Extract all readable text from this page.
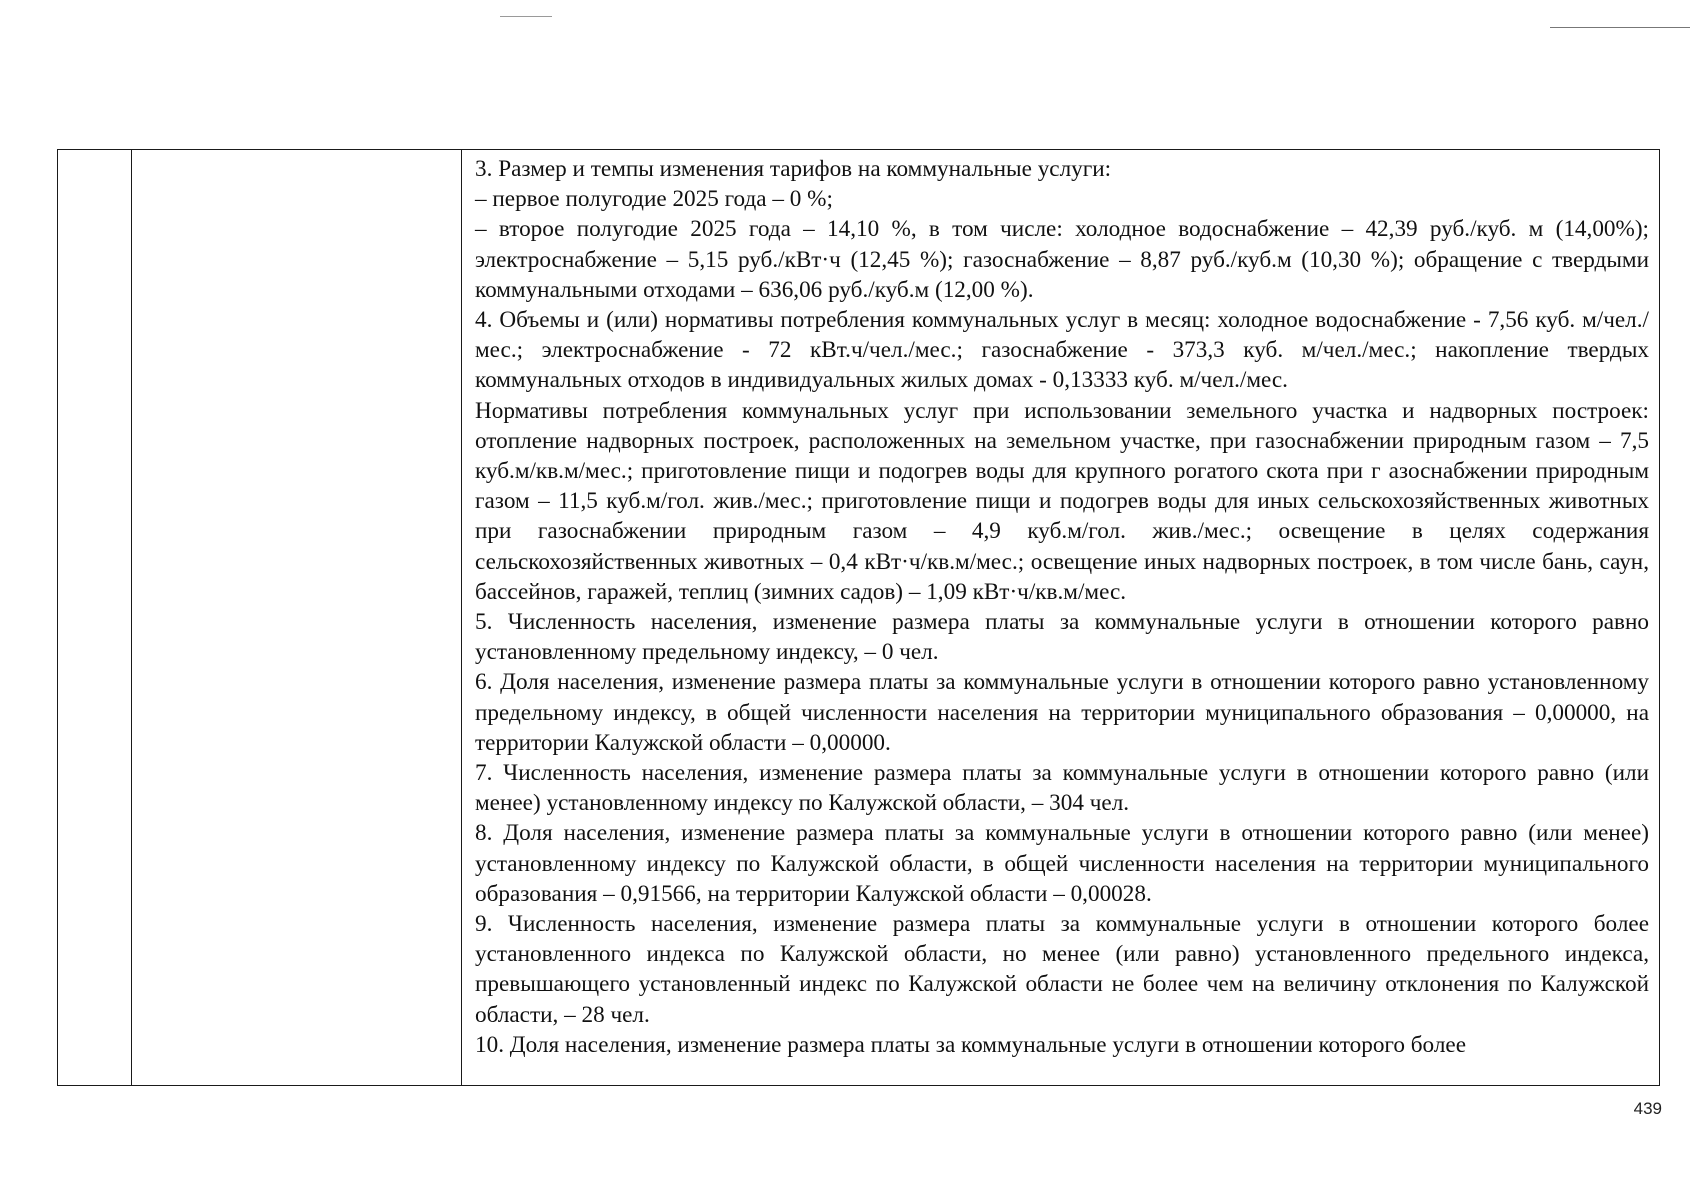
3. Размер и темпы изменения тарифов на коммунальные услуги:

– первое полугодие 2025 года – 0 %;

– второе полугодие 2025 года – 14,10 %, в том числе: холодное водоснабжение – 42,39 руб./куб. м (14,00%); электроснабжение – 5,15 руб./кВт·ч (12,45 %); газоснабжение – 8,87 руб./куб.м (10,30 %); обращение с твердыми коммунальными отходами – 636,06 руб./куб.м (12,00 %).

4. Объемы и (или) нормативы потребления коммунальных услуг в месяц: холодное водоснабжение - 7,56 куб. м/чел./мес.; электроснабжение - 72 кВт.ч/чел./мес.; газоснабжение - 373,3 куб. м/чел./мес.; накопление твердых коммунальных отходов в индивидуальных жилых домах - 0,13333 куб. м/чел./мес.

Нормативы потребления коммунальных услуг при использовании земельного участка и надворных построек: отопление надворных построек, расположенных на земельном участке, при газоснабжении природным газом – 7,5 куб.м/кв.м/мес.; приготовление пищи и подогрев воды для крупного рогатого скота при г азоснабжении природным газом – 11,5 куб.м/гол. жив./мес.; приготовление пищи и подогрев воды для иных сельскохозяйственных животных при газоснабжении природным газом – 4,9 куб.м/гол. жив./мес.; освещение в целях содержания сельскохозяйственных животных – 0,4 кВт·ч/кв.м/мес.; освещение иных надворных построек, в том числе бань, саун, бассейнов, гаражей, теплиц (зимних садов) – 1,09 кВт·ч/кв.м/мес.

5. Численность населения, изменение размера платы за коммунальные услуги в отношении которого равно установленному предельному индексу, – 0 чел.

6. Доля населения, изменение размера платы за коммунальные услуги в отношении которого равно установленному предельному индексу, в общей численности населения на территории муниципального образования – 0,00000, на территории Калужской области – 0,00000.

7. Численность населения, изменение размера платы за коммунальные услуги в отношении которого равно (или менее) установленному индексу по Калужской области, – 304 чел.

8. Доля населения, изменение размера платы за коммунальные услуги в отношении которого равно (или менее) установленному индексу по Калужской области, в общей численности населения на территории муниципального образования – 0,91566, на территории Калужской области – 0,00028.

9. Численность населения, изменение размера платы за коммунальные услуги в отношении которого более установленного индекса по Калужской области, но менее (или равно) установленного предельного индекса, превышающего установленный индекс по Калужской области не более чем на величину отклонения по Калужской области, – 28 чел.

10. Доля населения, изменение размера платы за коммунальные услуги в отношении которого более

439
